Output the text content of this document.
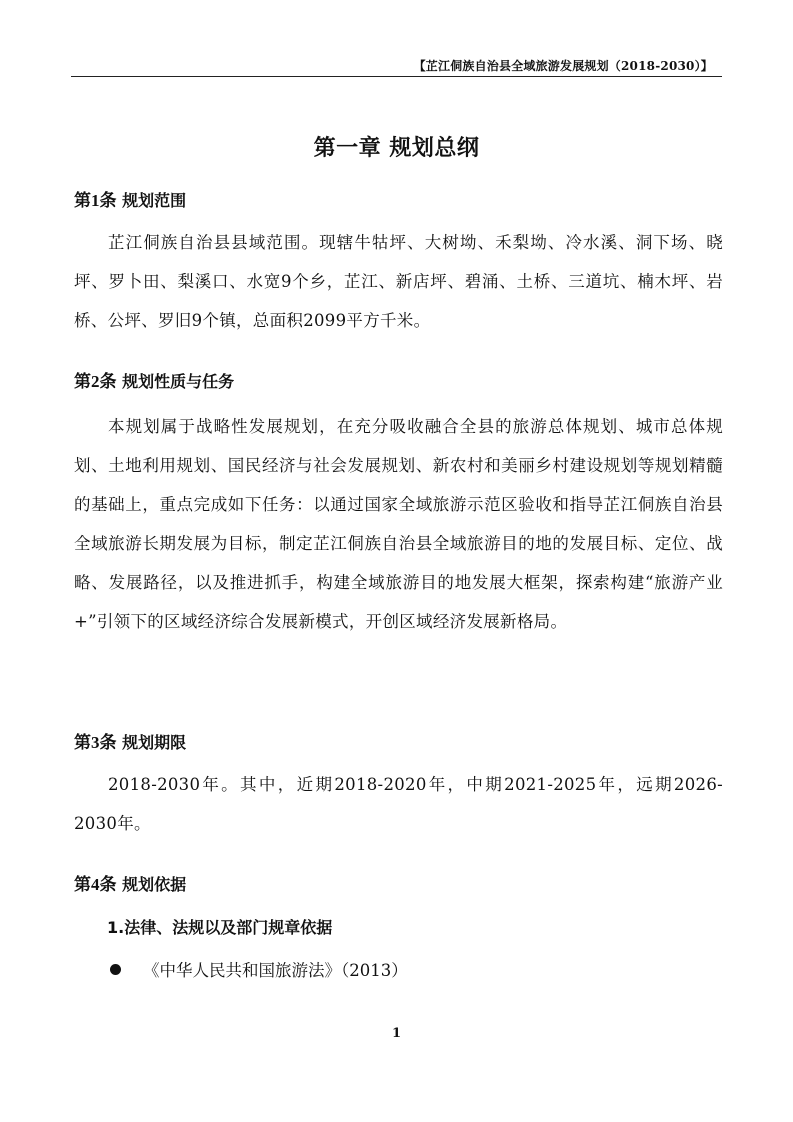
【芷江侗族自治县全域旅游发展规划（2018-2030）】
第一章 规划总纲
第1条 规划范围

芷江侗族自治县县域范围。现辖牛牯坪、大树坳、禾梨坳、冷水溪、洞下场、晓坪、罗卜田、梨溪口、水宽9个乡，芷江、新店坪、碧涌、土桥、三道坑、楠木坪、岩桥、公坪、罗旧9个镇，总面积2099平方千米。

第2条 规划性质与任务

本规划属于战略性发展规划，在充分吸收融合全县的旅游总体规划、城市总体规划、土地利用规划、国民经济与社会发展规划、新农村和美丽乡村建设规划等规划精髓的基础上，重点完成如下任务：以通过国家全域旅游示范区验收和指导芷江侗族自治县全域旅游长期发展为目标，制定芷江侗族自治县全域旅游目的地的发展目标、定位、战略、发展路径，以及推进抓手，构建全域旅游目的地发展大框架，探索构建“旅游产业+”引领下的区域经济综合发展新模式，开创区域经济发展新格局。

第3条 规划期限

2018-2030年。其中，近期2018-2020年，中期2021-2025年，远期2026-2030年。

第4条 规划依据
1.法律、法规以及部门规章依据
《中华人民共和国旅游法》（2013）
1
